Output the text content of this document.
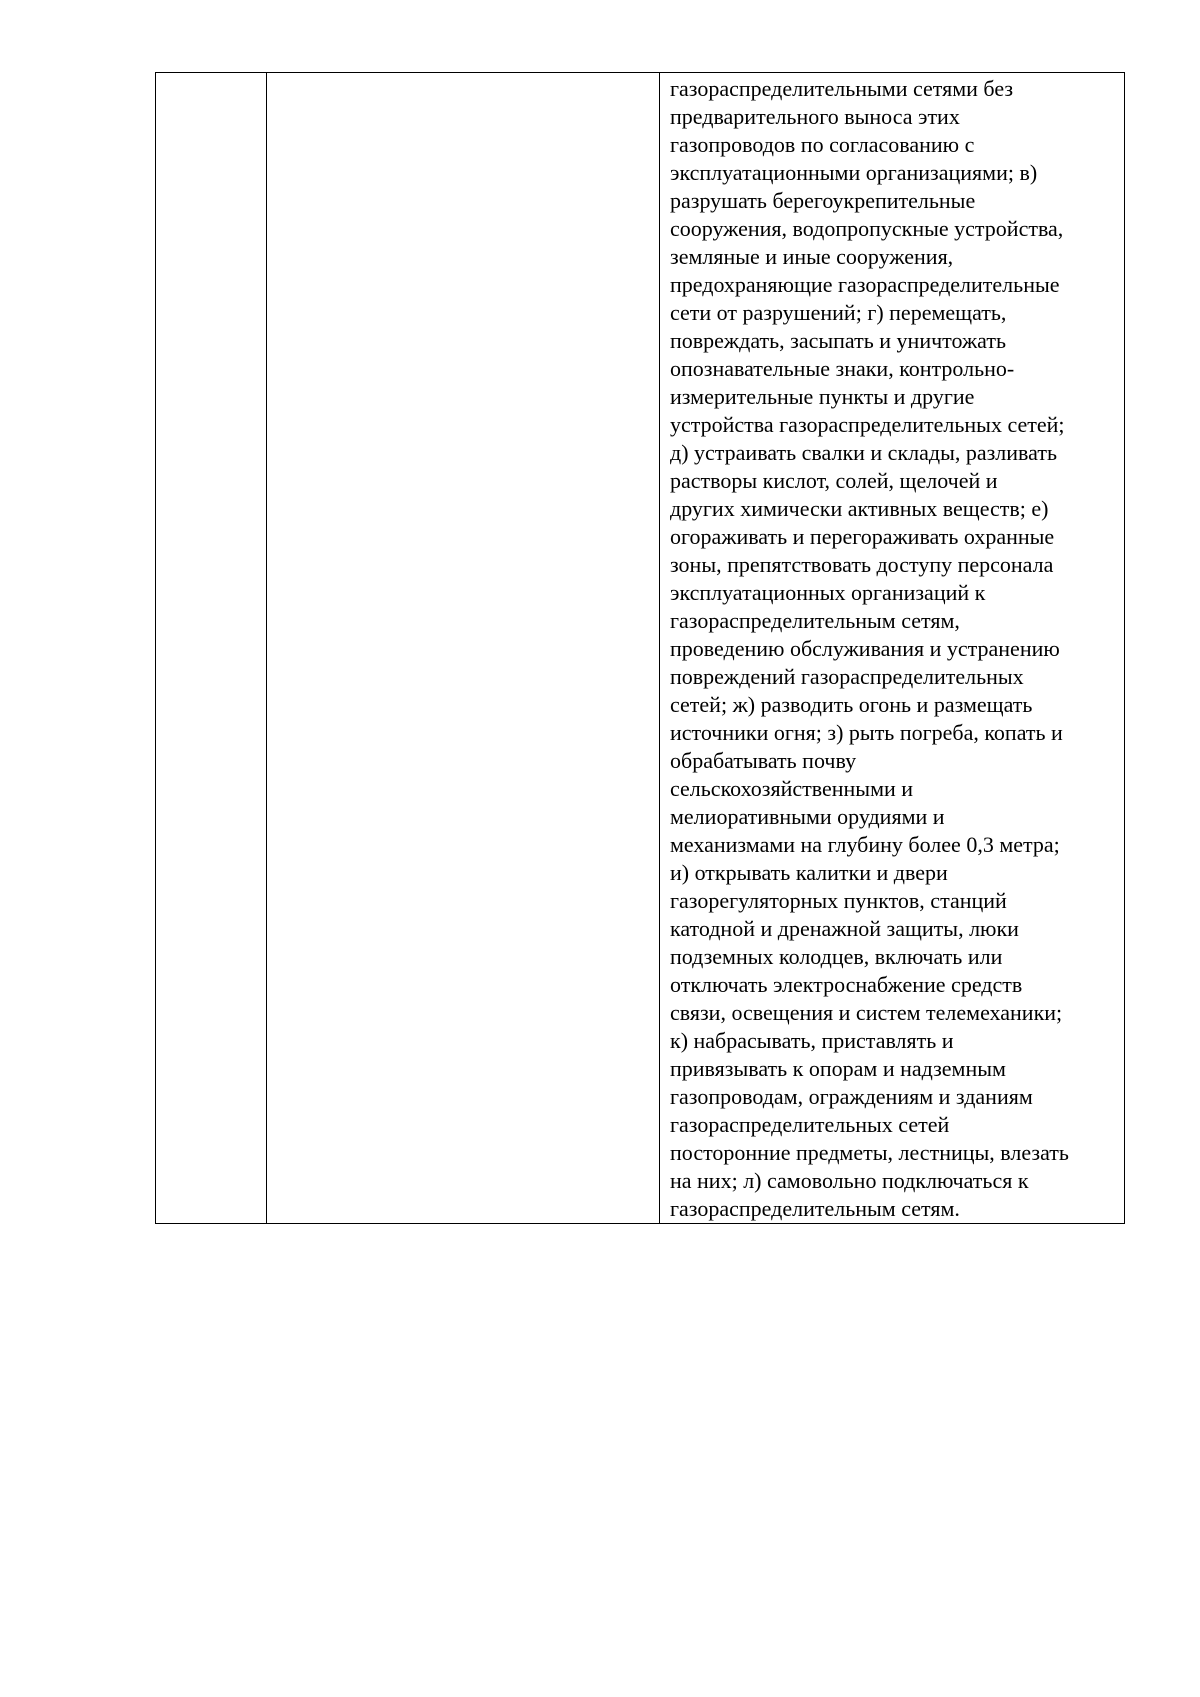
газораспределительными сетями без
предварительного выноса этих
газопроводов по согласованию с
эксплуатационными организациями; в)
разрушать берегоукрепительные
сооружения, водопропускные устройства,
земляные и иные сооружения,
предохраняющие газораспределительные
сети от разрушений; г) перемещать,
повреждать, засыпать и уничтожать
опознавательные знаки, контрольно-
измерительные пункты и другие
устройства газораспределительных сетей;
д) устраивать свалки и склады, разливать
растворы кислот, солей, щелочей и
других химически активных веществ; е)
огораживать и перегораживать охранные
зоны, препятствовать доступу персонала
эксплуатационных организаций к
газораспределительным сетям,
проведению обслуживания и устранению
повреждений газораспределительных
сетей; ж) разводить огонь и размещать
источники огня; з) рыть погреба, копать и
обрабатывать почву
сельскохозяйственными и
мелиоративными орудиями и
механизмами на глубину более 0,3 метра;
и) открывать калитки и двери
газорегуляторных пунктов, станций
катодной и дренажной защиты, люки
подземных колодцев, включать или
отключать электроснабжение средств
связи, освещения и систем телемеханики;
к) набрасывать, приставлять и
привязывать к опорам и надземным
газопроводам, ограждениям и зданиям
газораспределительных сетей
посторонние предметы, лестницы, влезать
на них; л) самовольно подключаться к
газораспределительным сетям.
